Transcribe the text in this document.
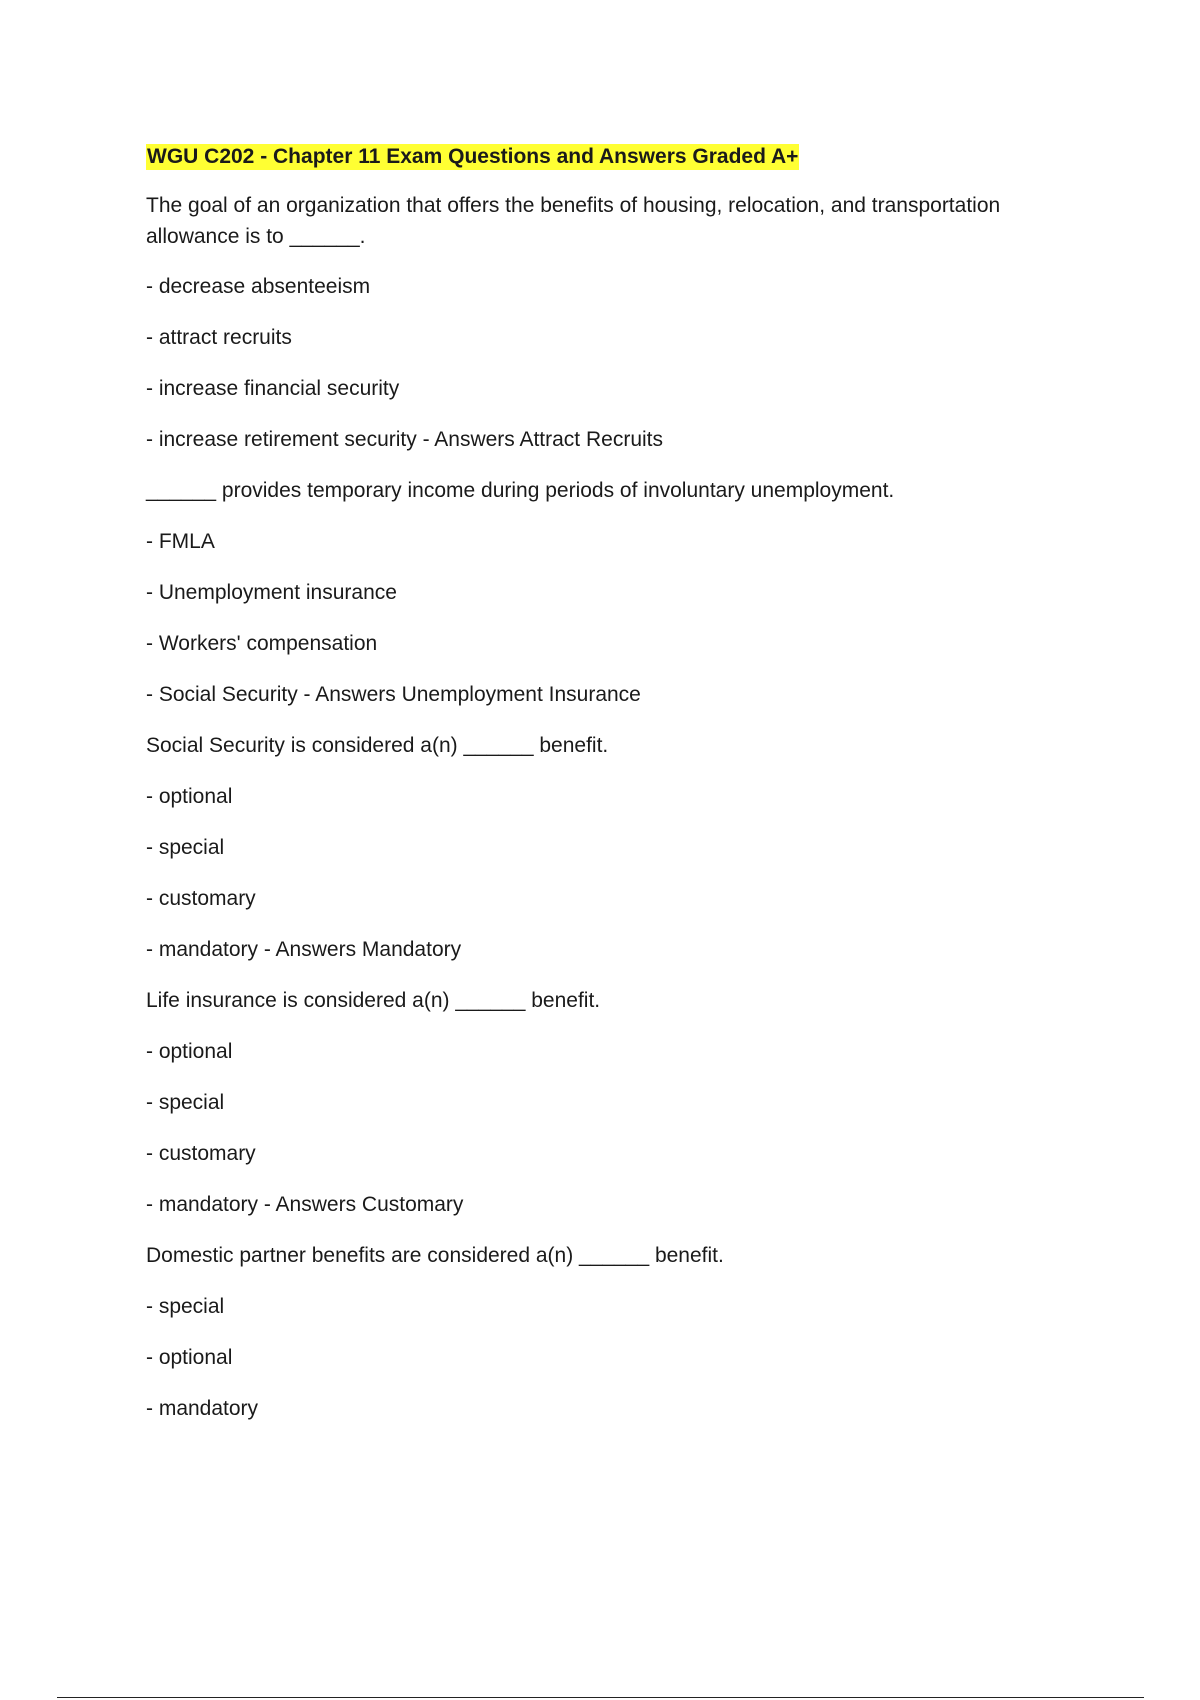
WGU C202 - Chapter 11 Exam Questions and Answers Graded A+
The goal of an organization that offers the benefits of housing, relocation, and transportation allowance is to ______.
- decrease absenteeism
- attract recruits
- increase financial security
- increase retirement security - Answers Attract Recruits
______ provides temporary income during periods of involuntary unemployment.
- FMLA
- Unemployment insurance
- Workers' compensation
- Social Security - Answers Unemployment Insurance
Social Security is considered a(n) ______ benefit.
- optional
- special
- customary
- mandatory - Answers Mandatory
Life insurance is considered a(n) ______ benefit.
- optional
- special
- customary
- mandatory - Answers Customary
Domestic partner benefits are considered a(n) ______ benefit.
- special
- optional
- mandatory
